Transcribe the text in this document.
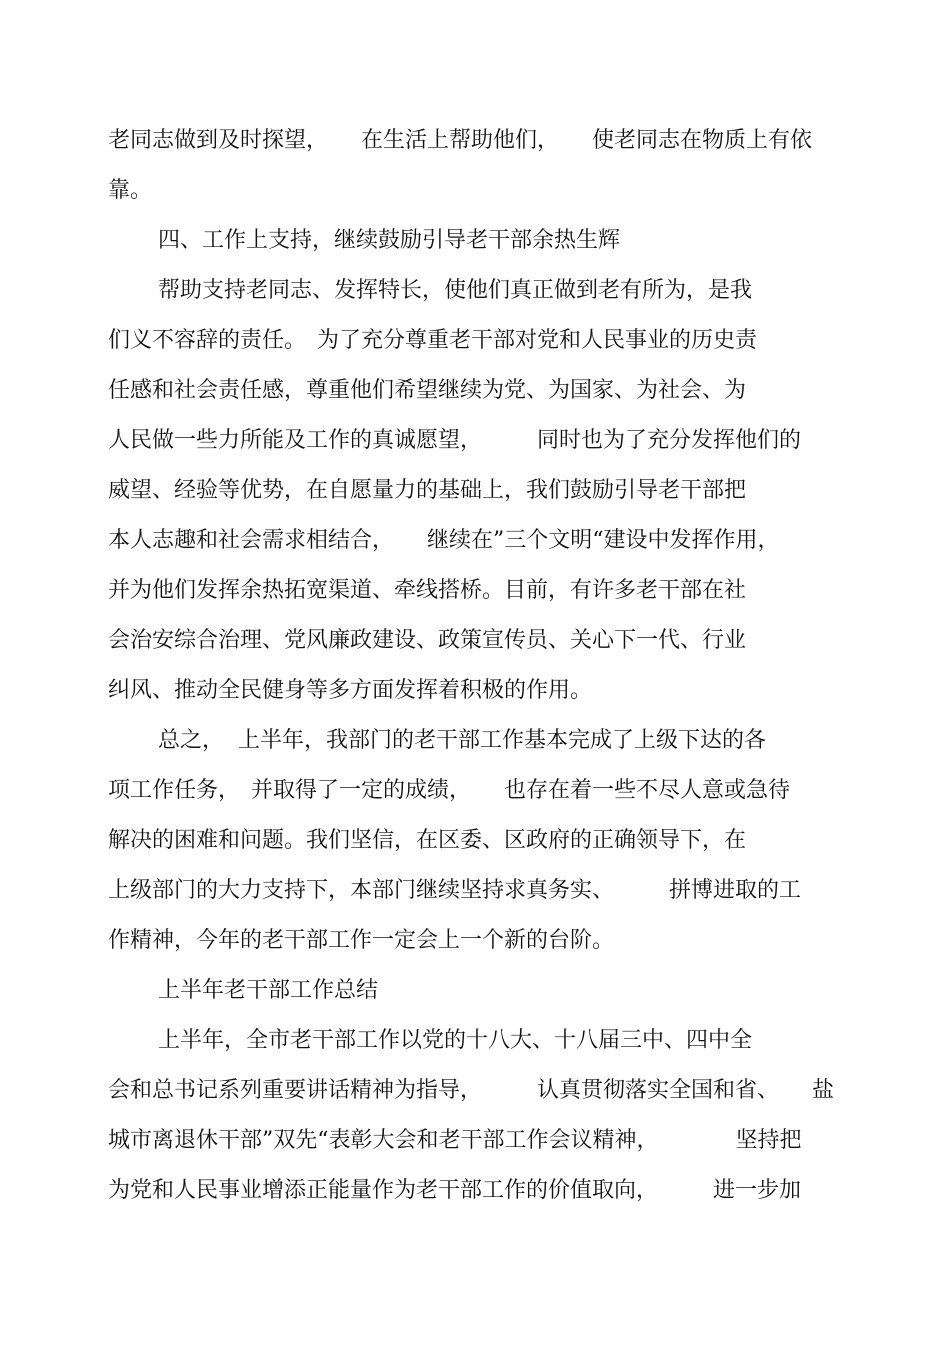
老同志做到及时探望，　　在生活上帮助他们，　　使老同志在物质上有依

靠。

四、工作上支持，继续鼓励引导老干部余热生辉

帮助支持老同志、发挥特长，使他们真正做到老有所为，是我

们义不容辞的责任。　为了充分尊重老干部对党和人民事业的历史责

任感和社会责任感，尊重他们希望继续为党、为国家、为社会、为

人民做一些力所能及工作的真诚愿望，　　　同时也为了充分发挥他们的

威望、经验等优势，在自愿量力的基础上，我们鼓励引导老干部把

本人志趣和社会需求相结合，　　继续在”三个文明“建设中发挥作用，

并为他们发挥余热拓宽渠道、牵线搭桥。目前，有许多老干部在社

会治安综合治理、党风廉政建设、政策宣传员、关心下一代、行业

纠风、推动全民健身等多方面发挥着积极的作用。

总之，  上半年，我部门的老干部工作基本完成了上级下达的各

项工作任务，　并取得了一定的成绩，　　也存在着一些不尽人意或急待

解决的困难和问题。我们坚信，在区委、区政府的正确领导下，在

上级部门的大力支持下，本部门继续坚持求真务实、　　　拼博进取的工

作精神，今年的老干部工作一定会上一个新的台阶。

上半年老干部工作总结

上半年，全市老干部工作以党的十八大、十八届三中、四中全

会和总书记系列重要讲话精神为指导，　　　认真贯彻落实全国和省、　　盐

城市离退休干部”双先“表彰大会和老干部工作会议精神，　　　　坚持把

为党和人民事业增添正能量作为老干部工作的价值取向，　　　进一步加
